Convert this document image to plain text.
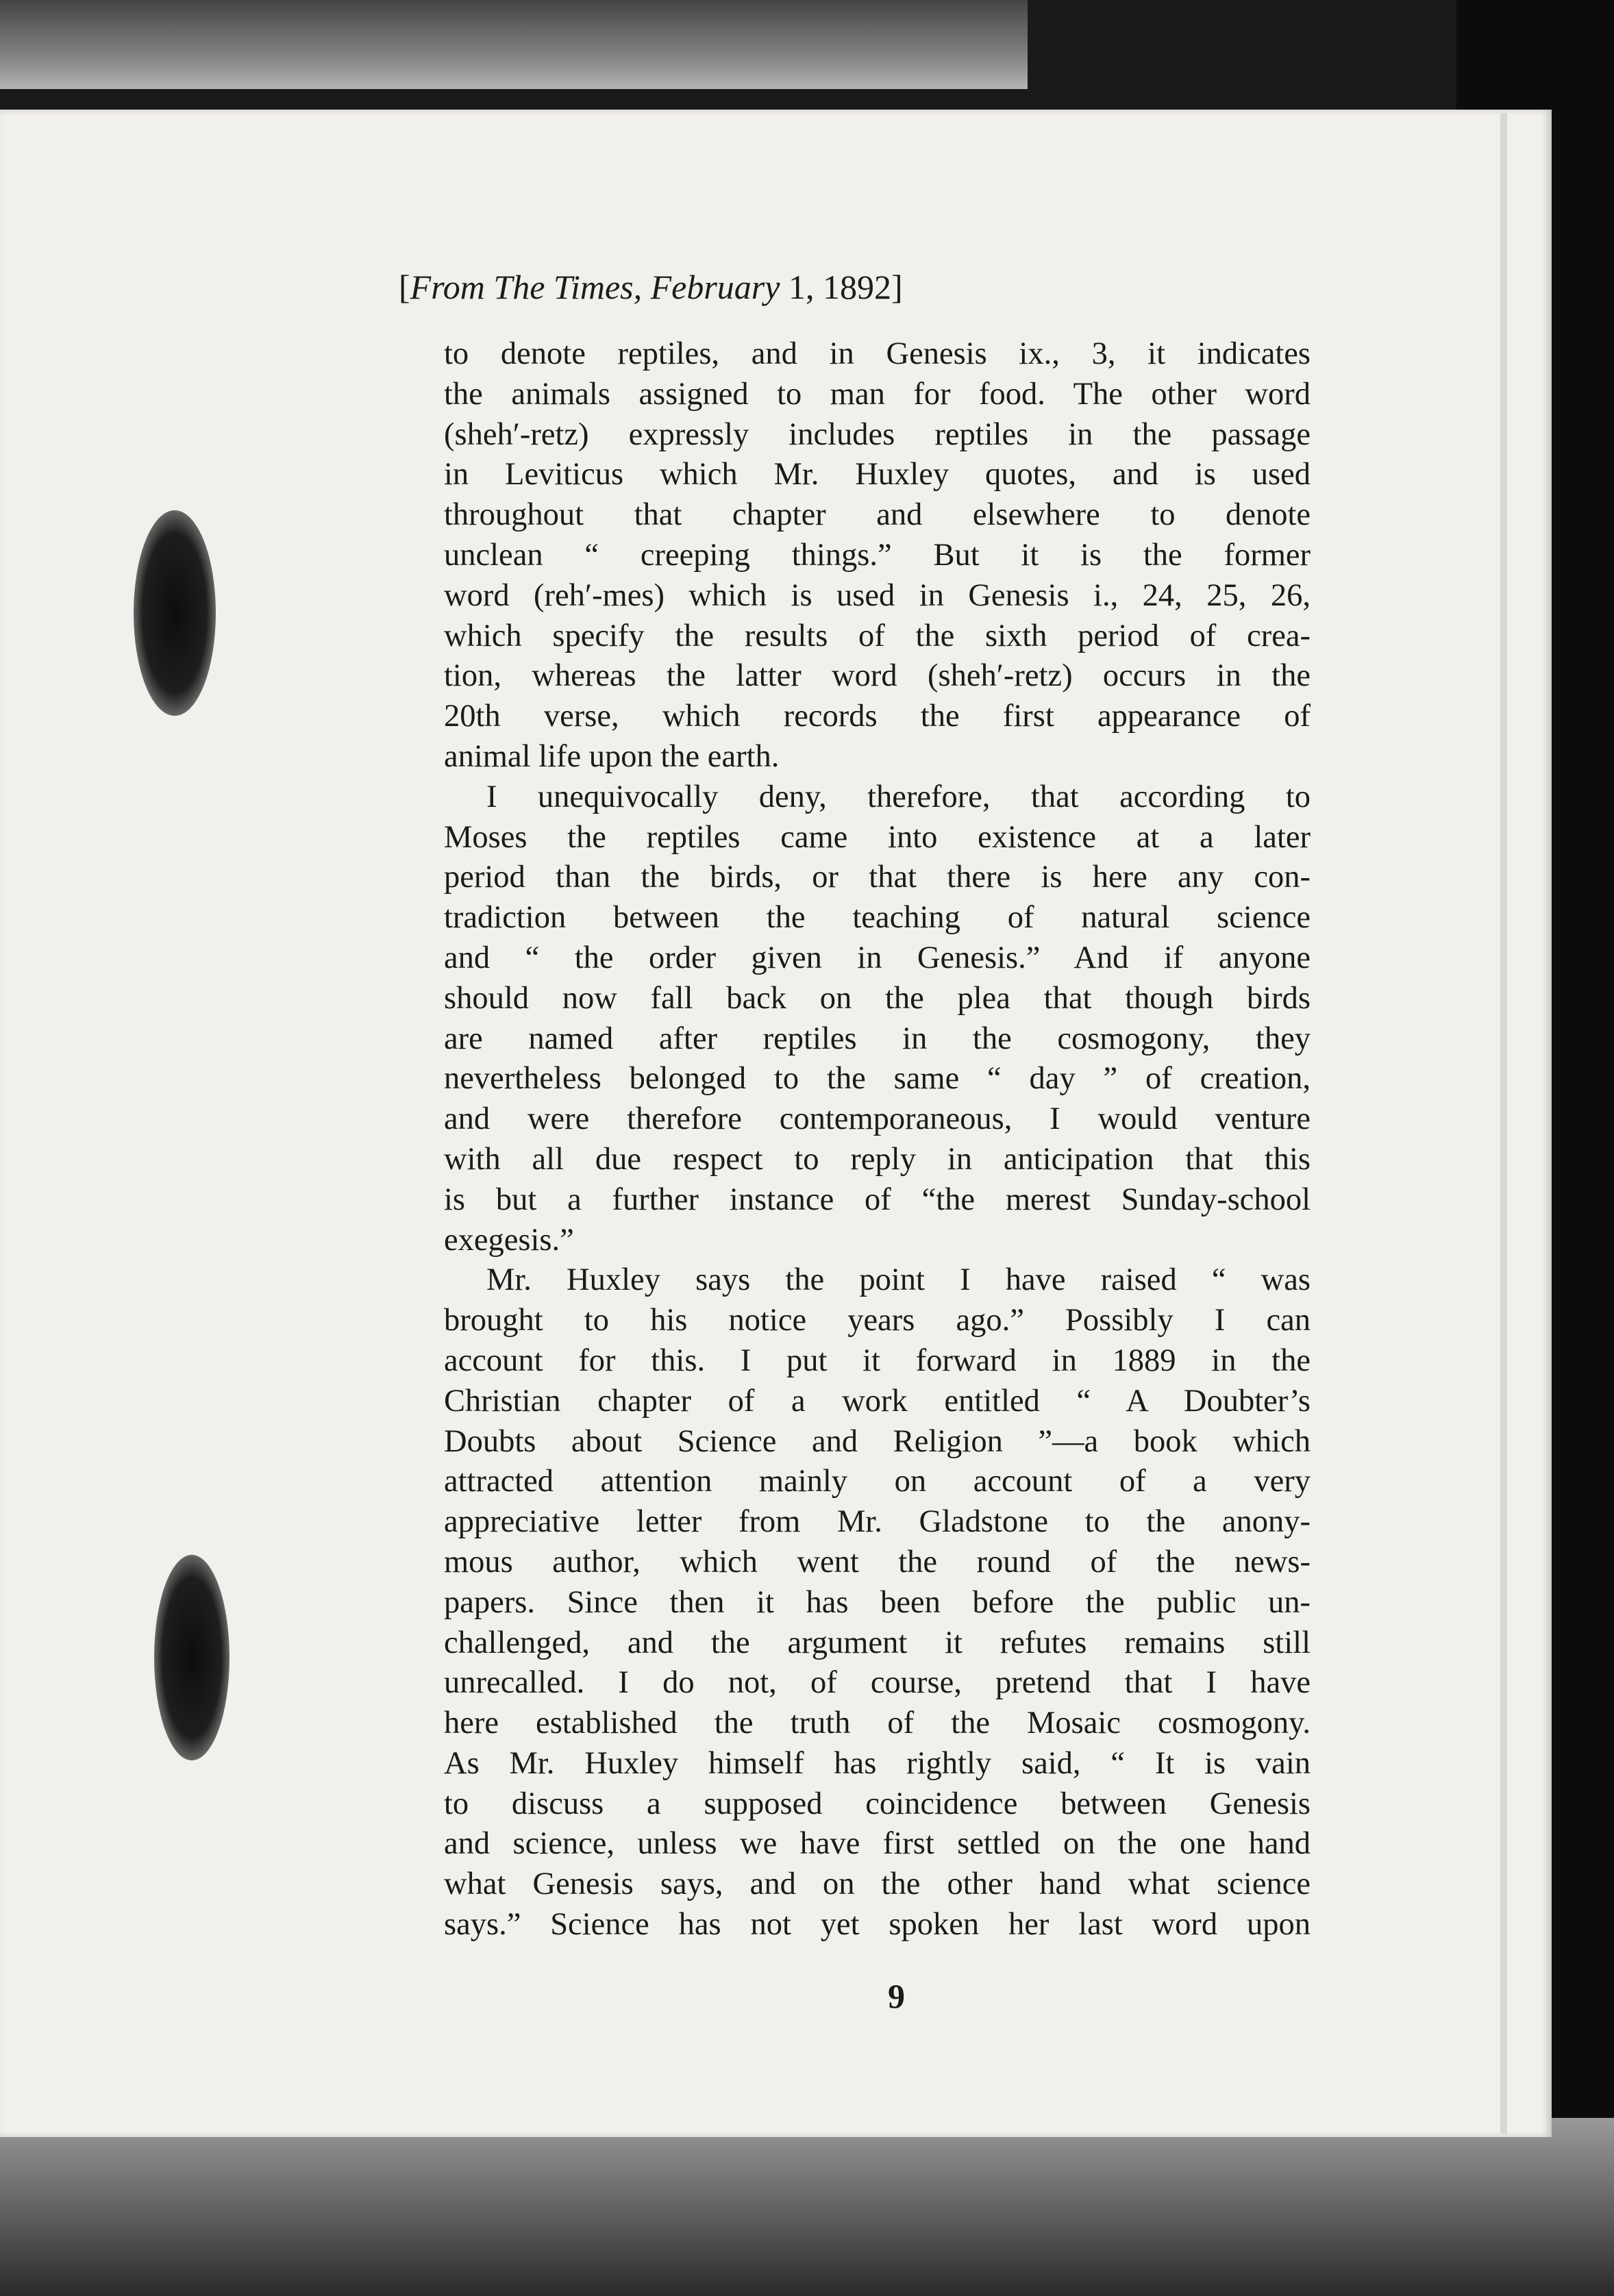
[From The Times, February 1, 1892]
to denote reptiles, and in Genesis ix., 3, it indicates
the animals assigned to man for food. The other word
(sheh′-retz) expressly includes reptiles in the passage
in Leviticus which Mr. Huxley quotes, and is used
throughout that chapter and elsewhere to denote
unclean “ creeping things.” But it is the former
word (reh′-mes) which is used in Genesis i., 24, 25, 26,
which specify the results of the sixth period of crea-
tion, whereas the latter word (sheh′-retz) occurs in the
20th verse, which records the first appearance of
animal life upon the earth.
I unequivocally deny, therefore, that according to
Moses the reptiles came into existence at a later
period than the birds, or that there is here any con-
tradiction between the teaching of natural science
and “ the order given in Genesis.” And if anyone
should now fall back on the plea that though birds
are named after reptiles in the cosmogony, they
nevertheless belonged to the same “ day ” of creation,
and were therefore contemporaneous, I would venture
with all due respect to reply in anticipation that this
is but a further instance of “the merest Sunday-school
exegesis.”
Mr. Huxley says the point I have raised “ was
brought to his notice years ago.” Possibly I can
account for this. I put it forward in 1889 in the
Christian chapter of a work entitled “ A Doubter’s
Doubts about Science and Religion ”—a book which
attracted attention mainly on account of a very
appreciative letter from Mr. Gladstone to the anony-
mous author, which went the round of the news-
papers. Since then it has been before the public un-
challenged, and the argument it refutes remains still
unrecalled. I do not, of course, pretend that I have
here established the truth of the Mosaic cosmogony.
As Mr. Huxley himself has rightly said, “ It is vain
to discuss a supposed coincidence between Genesis
and science, unless we have first settled on the one hand
what Genesis says, and on the other hand what science
says.” Science has not yet spoken her last word upon
9
